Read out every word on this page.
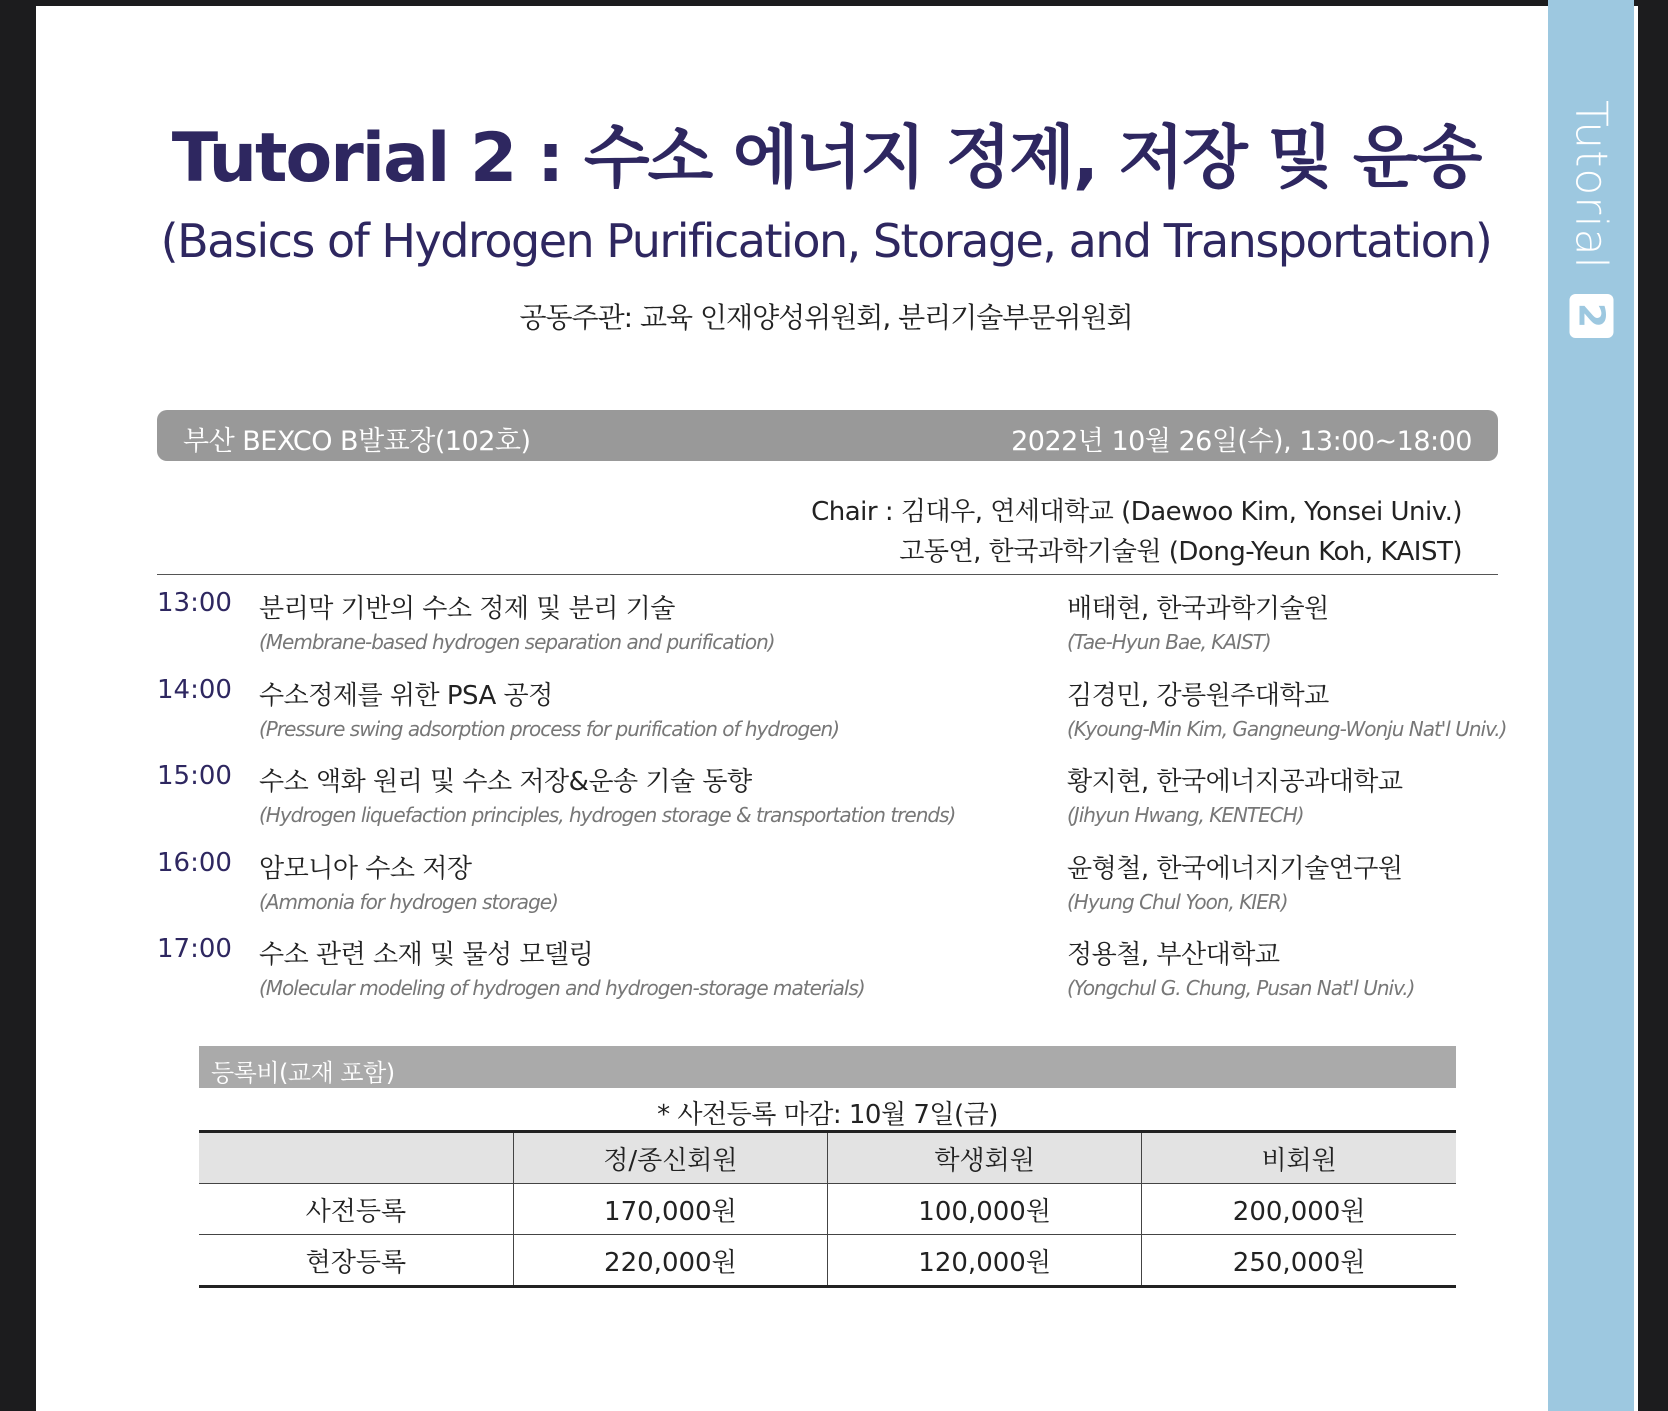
Tutorial 2 : 수소 에너지 정제, 저장 및 운송
(Basics of Hydrogen Purification, Storage, and Transportation)
공동주관: 교육 인재양성위원회, 분리기술부문위원회
부산 BEXCO B발표장(102호)	2022년 10월 26일(수), 13:00~18:00
Chair : 김대우, 연세대학교 (Daewoo Kim, Yonsei Univ.)
고동연, 한국과학기술원 (Dong-Yeun Koh, KAIST)
13:00 분리막 기반의 수소 정제 및 분리 기술
(Membrane-based hydrogen separation and purification)
배태현, 한국과학기술원
(Tae-Hyun Bae, KAIST)
14:00 수소정제를 위한 PSA 공정
(Pressure swing adsorption process for purification of hydrogen)
김경민, 강릉원주대학교
(Kyoung-Min Kim, Gangneung-Wonju Nat'l Univ.)
15:00 수소 액화 원리 및 수소 저장&운송 기술 동향
(Hydrogen liquefaction principles, hydrogen storage & transportation trends)
황지현, 한국에너지공과대학교
(Jihyun Hwang, KENTECH)
16:00 암모니아 수소 저장
(Ammonia for hydrogen storage)
윤형철, 한국에너지기술연구원
(Hyung Chul Yoon, KIER)
17:00 수소 관련 소재 및 물성 모델링
(Molecular modeling of hydrogen and hydrogen-storage materials)
정용철, 부산대학교
(Yongchul G. Chung, Pusan Nat'l Univ.)
등록비(교재 포함)
* 사전등록 마감: 10월 7일(금)
	정/종신회원	학생회원	비회원
사전등록	170,000원	100,000원	200,000원
현장등록	220,000원	120,000원	250,000원
Tutorial
2
